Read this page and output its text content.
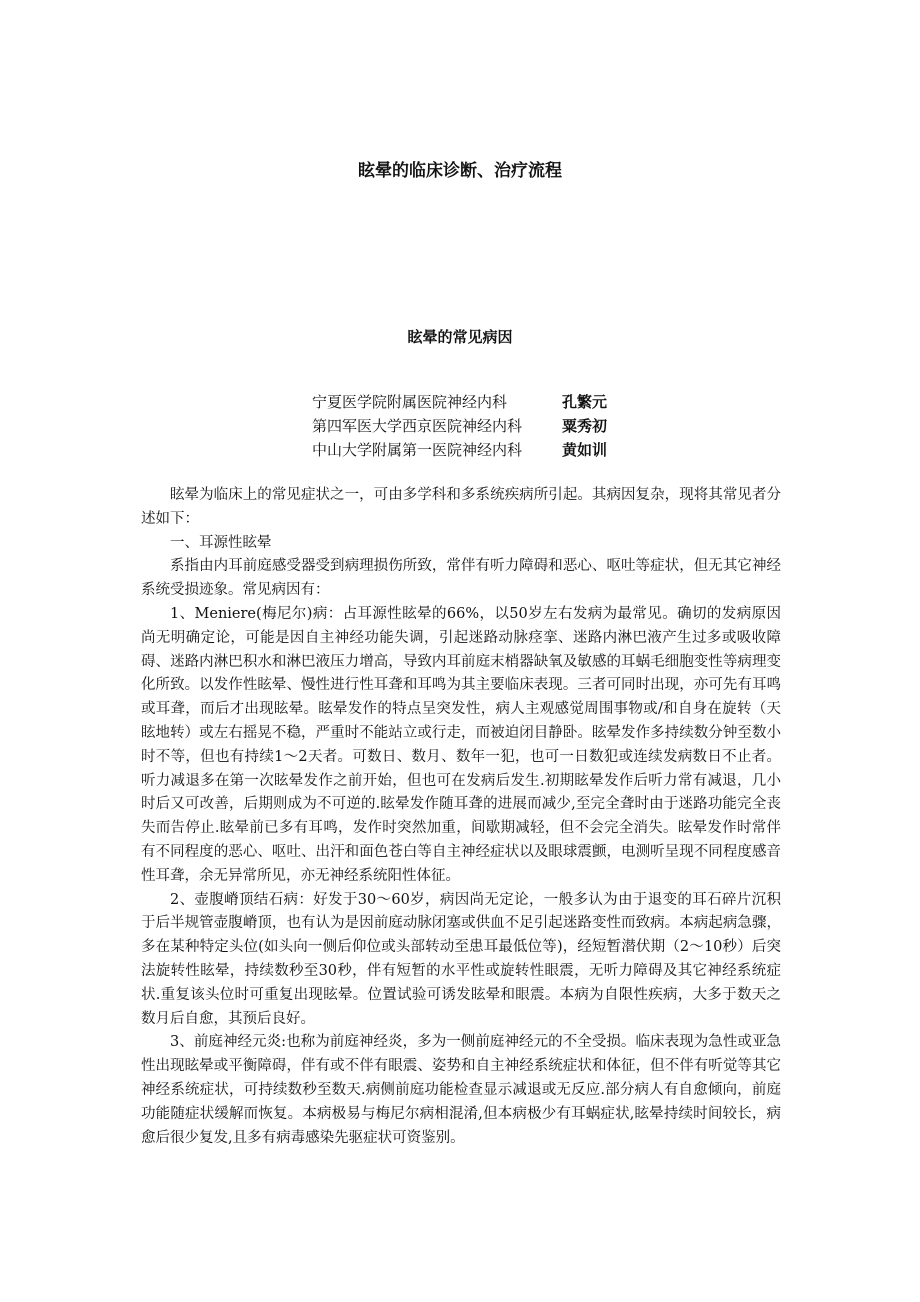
眩晕的临床诊断、治疗流程
眩晕的常见病因
宁夏医学院附属医院神经内科	孔繁元
第四军医大学西京医院神经内科	粟秀初
中山大学附属第一医院神经内科	黄如训

眩晕为临床上的常见症状之一，可由多学科和多系统疾病所引起。其病因复杂，现将其常见者分述如下：

一、耳源性眩晕

系指由内耳前庭感受器受到病理损伤所致，常伴有听力障碍和恶心、呕吐等症状，但无其它神经系统受损迹象。常见病因有：

1、Meniere(梅尼尔)病：占耳源性眩晕的66%，以50岁左右发病为最常见。确切的发病原因尚无明确定论，可能是因自主神经功能失调，引起迷路动脉痉挛、迷路内淋巴液产生过多或吸收障碍、迷路内淋巴积水和淋巴液压力增高，导致内耳前庭末梢器缺氧及敏感的耳蜗毛细胞变性等病理变化所致。以发作性眩晕、慢性进行性耳聋和耳鸣为其主要临床表现。三者可同时出现，亦可先有耳鸣或耳聋，而后才出现眩晕。眩晕发作的特点呈突发性，病人主观感觉周围事物或/和自身在旋转（天眩地转）或左右摇晃不稳，严重时不能站立或行走，而被迫闭目静卧。眩晕发作多持续数分钟至数小时不等，但也有持续1～2天者。可数日、数月、数年一犯，也可一日数犯或连续发病数日不止者。听力减退多在第一次眩晕发作之前开始，但也可在发病后发生.初期眩晕发作后听力常有减退，几小时后又可改善，后期则成为不可逆的.眩晕发作随耳聋的进展而减少,至完全聋时由于迷路功能完全丧失而告停止.眩晕前已多有耳鸣，发作时突然加重，间歇期减轻，但不会完全消失。眩晕发作时常伴有不同程度的恶心、呕吐、出汗和面色苍白等自主神经症状以及眼球震颤，电测听呈现不同程度感音性耳聋，余无异常所见，亦无神经系统阳性体征。

2、壶腹嵴顶结石病：好发于30～60岁，病因尚无定论，一般多认为由于退变的耳石碎片沉积于后半规管壶腹嵴顶，也有认为是因前庭动脉闭塞或供血不足引起迷路变性而致病。本病起病急骤，多在某种特定头位(如头向一侧后仰位或头部转动至患耳最低位等)，经短暂潜伏期（2～10秒）后突法旋转性眩晕，持续数秒至30秒，伴有短暂的水平性或旋转性眼震，无听力障碍及其它神经系统症状.重复该头位时可重复出现眩晕。位置试验可诱发眩晕和眼震。本病为自限性疾病，大多于数天之数月后自愈，其预后良好。

3、前庭神经元炎:也称为前庭神经炎，多为一侧前庭神经元的不全受损。临床表现为急性或亚急性出现眩晕或平衡障碍，伴有或不伴有眼震、姿势和自主神经系统症状和体征，但不伴有听觉等其它神经系统症状，可持续数秒至数天.病侧前庭功能检查显示减退或无反应.部分病人有自愈倾向，前庭功能随症状缓解而恢复。本病极易与梅尼尔病相混淆,但本病极少有耳蜗症状,眩晕持续时间较长，病愈后很少复发,且多有病毒感染先驱症状可资鉴别。
